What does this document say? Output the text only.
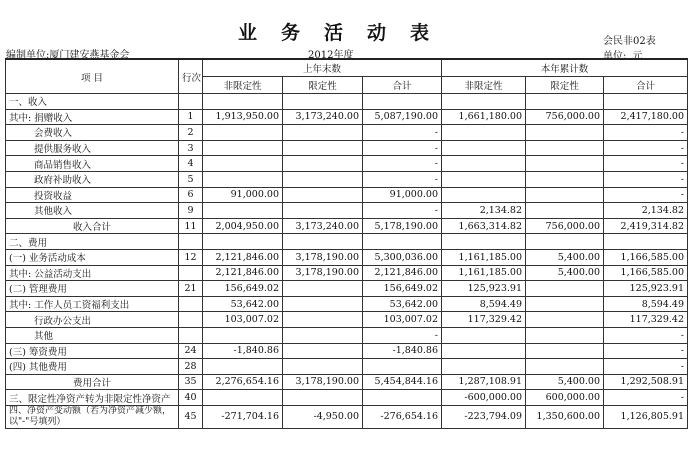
业务活动表	会民非02表
单位: 元
编制单位:厦门建安燕基金会	2012年度
项 目	行次	上年末数			本年累计数		
		非限定性	限定性	合计	非限定性	限定性	合计
一、收入							
其中: 捐赠收入	1	1,913,950.00	3,173,240.00	5,087,190.00	1,661,180.00	756,000.00	2,417,180.00
会费收入	2			-			-
提供服务收入	3			-			-
商品销售收入	4			-			-
政府补助收入	5			-			-
投资收益	6	91,000.00		91,000.00			-
其他收入	9			-	2,134.82		2,134.82
收入合计	11	2,004,950.00	3,173,240.00	5,178,190.00	1,663,314.82	756,000.00	2,419,314.82
二、费用							
(一) 业务活动成本	12	2,121,846.00	3,178,190.00	5,300,036.00	1,161,185.00	5,400.00	1,166,585.00
其中: 公益活动支出		2,121,846.00	3,178,190.00	2,121,846.00	1,161,185.00	5,400.00	1,166,585.00
(二) 管理费用	21	156,649.02		156,649.02	125,923.91		125,923.91
其中: 工作人员工资福利支出		53,642.00		53,642.00	8,594.49		8,594.49
行政办公支出		103,007.02		103,007.02	117,329.42		117,329.42
其他				-			-
(三) 筹资费用	24	-1,840.86		-1,840.86			-
(四) 其他费用	28						-
费用合计	35	2,276,654.16	3,178,190.00	5,454,844.16	1,287,108.91	5,400.00	1,292,508.91
三、限定性净资产转为非限定性净资产	40				-600,000.00	600,000.00	-
四、净资产变动额（若为净资产减少额，以"-"号填列）	45	-271,704.16	-4,950.00	-276,654.16	-223,794.09	1,350,600.00	1,126,805.91
